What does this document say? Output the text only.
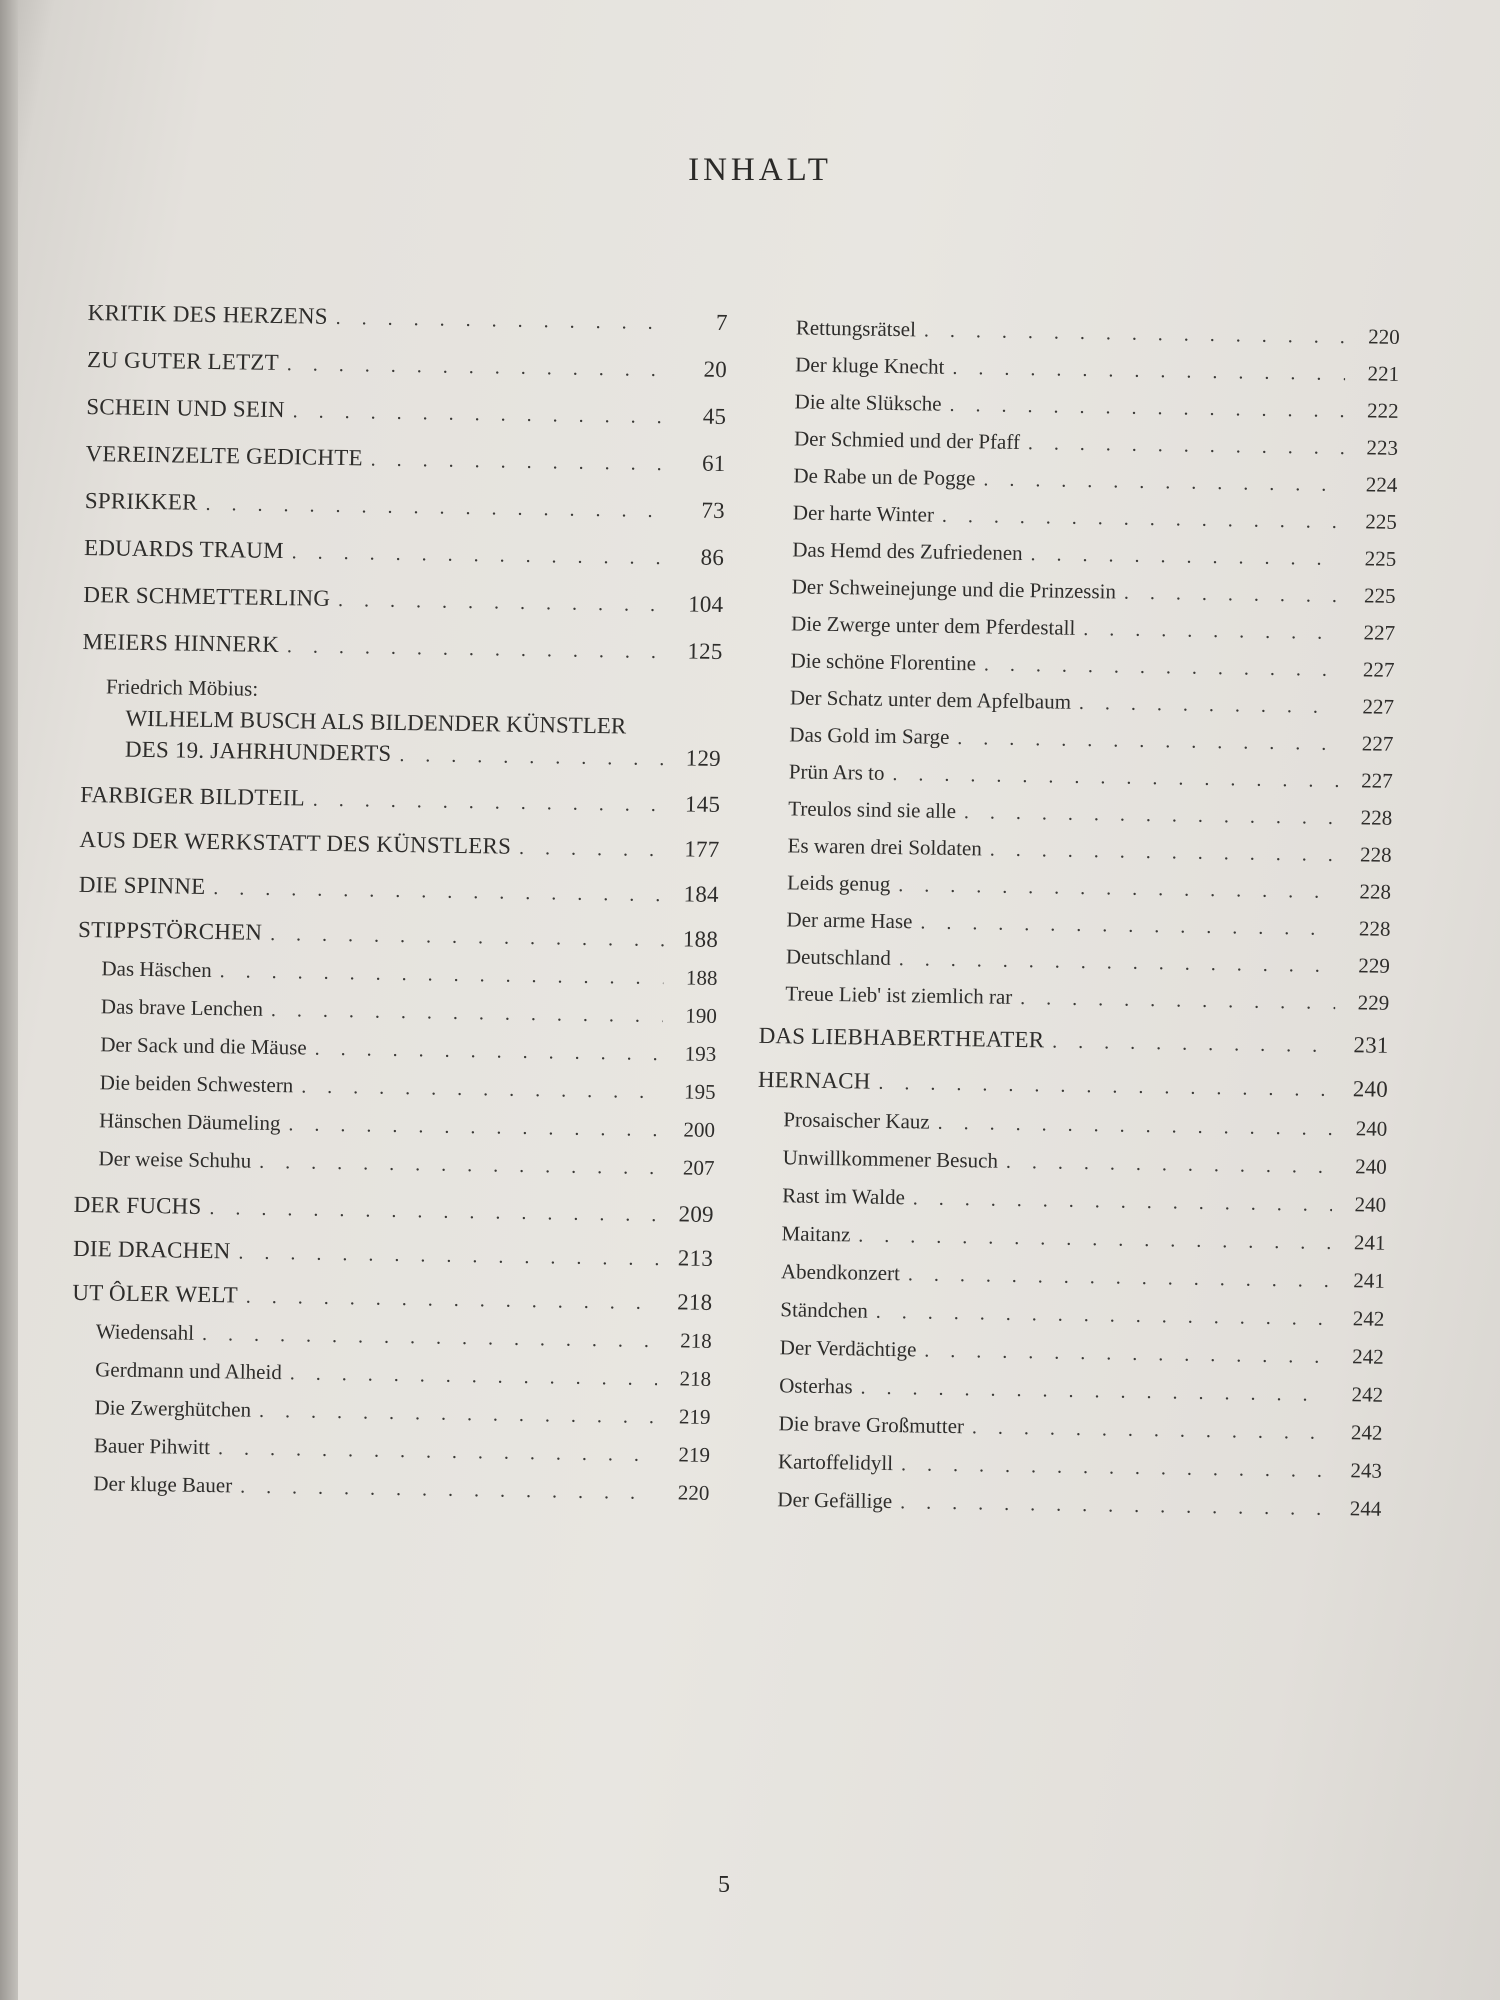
INHALT
KRITIK DES HERZENS . . .	7
ZU GUTER LETZT . . .	20
SCHEIN UND SEIN . . .	45
VEREINZELTE GEDICHTE . . .	61
SPRIKKER . . .	73
EDUARDS TRAUM . . .	86
DER SCHMETTERLING . . .	104
MEIERS HINNERK . . .	125
Friedrich Möbius:
WILHELM BUSCH ALS BILDENDER KÜNSTLER
DES 19. JAHRHUNDERTS . . .	129
FARBIGER BILDTEIL . . .	145
AUS DER WERKSTATT DES KÜNSTLERS . . .	177
DIE SPINNE . . .	184
STIPPSTÖRCHEN . . .	188
Das Häschen . . .	188
Das brave Lenchen . . .	190
Der Sack und die Mäuse . . .	193
Die beiden Schwestern . . .	195
Hänschen Däumeling . . .	200
Der weise Schuhu . . .	207
DER FUCHS . . .	209
DIE DRACHEN . . .	213
UT ÔLER WELT . . .	218
Wiedensahl . . .	218
Gerdmann und Alheid . . .	218
Die Zwerghütchen . . .	219
Bauer Pihwitt . . .	219
Der kluge Bauer . . .	220
Rettungsrätsel . . .	220
Der kluge Knecht . . .	221
Die alte Slüksche . . .	222
Der Schmied und der Pfaff . . .	223
De Rabe un de Pogge . . .	224
Der harte Winter . . .	225
Das Hemd des Zufriedenen . . .	225
Der Schweinejunge und die Prinzessin . . .	225
Die Zwerge unter dem Pferdestall . . .	227
Die schöne Florentine . . .	227
Der Schatz unter dem Apfelbaum . . .	227
Das Gold im Sarge . . .	227
Prün Ars to . . .	227
Treulos sind sie alle . . .	228
Es waren drei Soldaten . . .	228
Leids genug . . .	228
Der arme Hase . . .	228
Deutschland . . .	229
Treue Lieb' ist ziemlich rar . . .	229
DAS LIEBHABERTHEATER . . .	231
HERNACH . . .	240
Prosaischer Kauz . . .	240
Unwillkommener Besuch . . .	240
Rast im Walde . . .	240
Maitanz . . .	241
Abendkonzert . . .	241
Ständchen . . .	242
Der Verdächtige . . .	242
Osterhas . . .	242
Die brave Großmutter . . .	242
Kartoffelidyll . . .	243
Der Gefällige . . .	244
5
